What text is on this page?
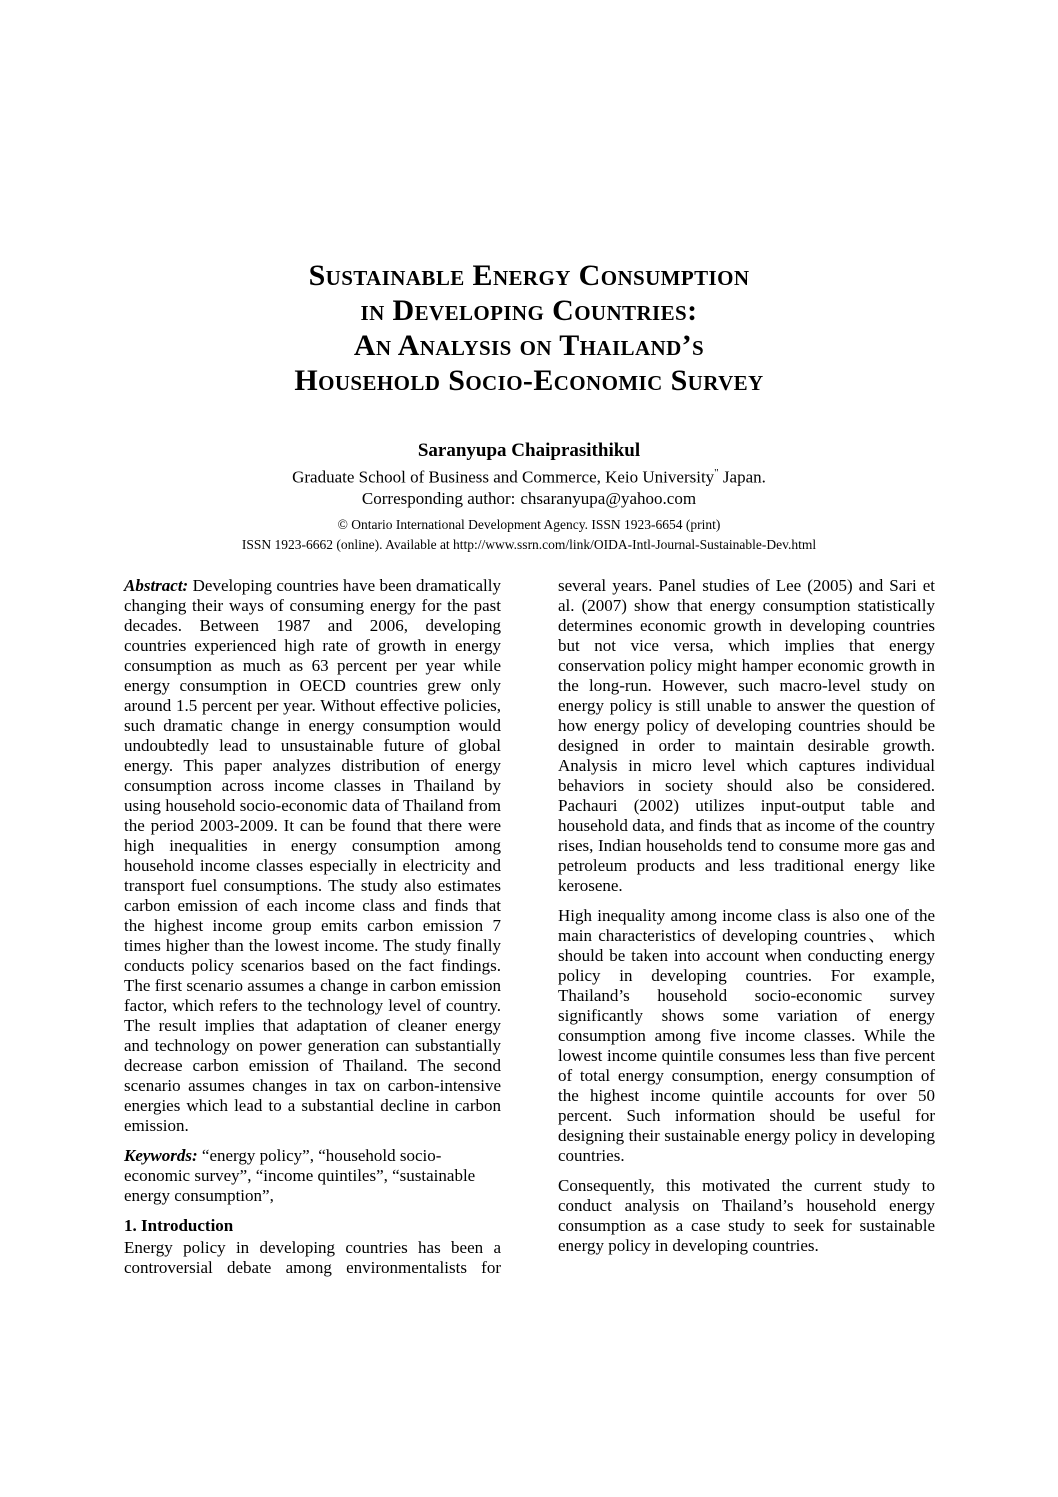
Sustainable Energy Consumption
in Developing Countries:
An Analysis on Thailand’s
Household Socio-Economic Survey
Saranyupa Chaiprasithikul
Graduate School of Business and Commerce, Keio University" Japan.
Corresponding author: chsaranyupa@yahoo.com
© Ontario International Development Agency. ISSN 1923-6654 (print)
ISSN 1923-6662 (online). Available at http://www.ssrn.com/link/OIDA-Intl-Journal-Sustainable-Dev.html

Abstract: Developing countries have been dramatically changing their ways of consuming energy for the past decades. Between 1987 and 2006, developing countries experienced high rate of growth in energy consumption as much as 63 percent per year while energy consumption in OECD countries grew only around 1.5 percent per year. Without effective policies, such dramatic change in energy consumption would undoubtedly lead to unsustainable future of global energy. This paper analyzes distribution of energy consumption across income classes in Thailand by using household socio-economic data of Thailand from the period 2003-2009. It can be found that there were high inequalities in energy consumption among household income classes especially in electricity and transport fuel consumptions. The study also estimates carbon emission of each income class and finds that the highest income group emits carbon emission 7 times higher than the lowest income. The study finally conducts policy scenarios based on the fact findings. The first scenario assumes a change in carbon emission factor, which refers to the technology level of country. The result implies that adaptation of cleaner energy and technology on power generation can substantially decrease carbon emission of Thailand. The second scenario assumes changes in tax on carbon-intensive energies which lead to a substantial decline in carbon emission.

Keywords: “energy policy”, “household socio-economic survey”, “income quintiles”, “sustainable energy consumption”,

1. Introduction

Energy policy in developing countries has been a controversial debate among environmentalists for

several years. Panel studies of Lee (2005) and Sari et al. (2007) show that energy consumption statistically determines economic growth in developing countries but not vice versa, which implies that energy conservation policy might hamper economic growth in the long-run. However, such macro-level study on energy policy is still unable to answer the question of how energy policy of developing countries should be designed in order to maintain desirable growth. Analysis in micro level which captures individual behaviors in society should also be considered. Pachauri (2002) utilizes input-output table and household data, and finds that as income of the country rises, Indian households tend to consume more gas and petroleum products and less traditional energy like kerosene.

High inequality among income class is also one of the main characteristics of developing countries、 which should be taken into account when conducting energy policy in developing countries. For example, Thailand’s household socio-economic survey significantly shows some variation of energy consumption among five income classes. While the lowest income quintile consumes less than five percent of total energy consumption, energy consumption of the highest income quintile accounts for over 50 percent. Such information should be useful for designing their sustainable energy policy in developing countries.

Consequently, this motivated the current study to conduct analysis on Thailand’s household energy consumption as a case study to seek for sustainable energy policy in developing countries.
